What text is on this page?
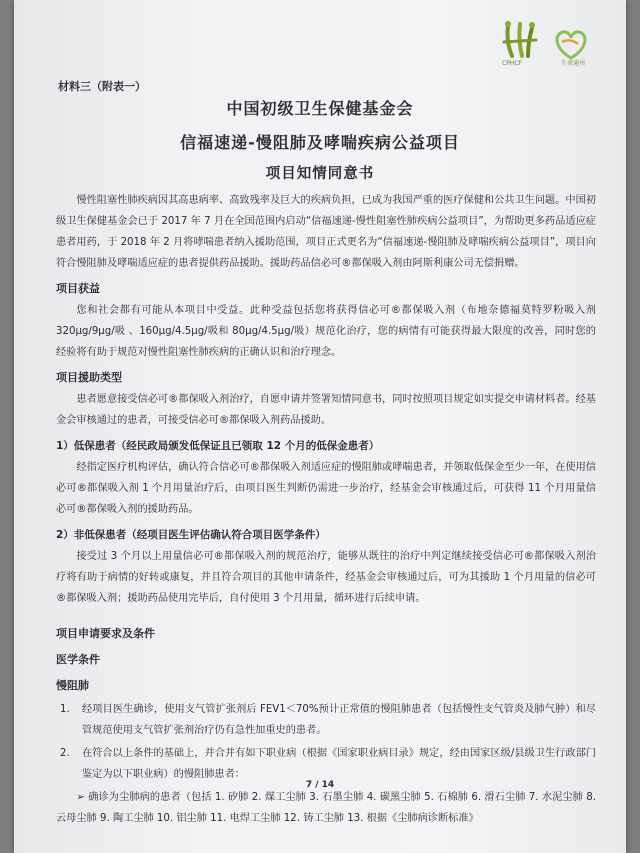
CPHCF	生命通州
材料三（附表一）
中国初级卫生保健基金会
信福速递-慢阻肺及哮喘疾病公益项目
项目知情同意书

慢性阻塞性肺疾病因其高患病率、高致残率及巨大的疾病负担，已成为我国严重的医疗保健和公共卫生问题。中国初级卫生保健基金会已于 2017 年 7 月在全国范围内启动“信福速递-慢性阻塞性肺疾病公益项目”，为帮助更多药品适应症患者用药，于 2018 年 2 月将哮喘患者纳入援助范围，项目正式更名为“信福速递-慢阻肺及哮喘疾病公益项目”，项目向符合慢阻肺及哮喘适应症的患者提供药品援助。援助药品信必可®都保吸入剂由阿斯利康公司无偿捐赠。

项目获益

您和社会都有可能从本项目中受益。此种受益包括您将获得信必可®都保吸入剂（布地奈德福莫特罗粉吸入剂 320μg/9μg/吸 、160μg/4.5μg/吸和 80μg/4.5μg/吸）规范化治疗，您的病情有可能获得最大限度的改善，同时您的经验将有助于规范对慢性阻塞性肺疾病的正确认识和治疗理念。

项目援助类型

患者愿意接受信必可®都保吸入剂治疗，自愿申请并签署知情同意书，同时按照项目规定如实提交申请材料者。经基金会审核通过的患者，可接受信必可®都保吸入剂药品援助。

1）低保患者（经民政局颁发低保证且已领取 12 个月的低保金患者）

经指定医疗机构评估，确认符合信必可®都保吸入剂适应症的慢阻肺或哮喘患者，并领取低保金至少一年，在使用信必可®都保吸入剂 1 个月用量治疗后，由项目医生判断仍需进一步治疗，经基金会审核通过后，可获得 11 个月用量信必可®都保吸入剂的援助药品。

2）非低保患者（经项目医生评估确认符合项目医学条件）

接受过 3 个月以上用量信必可®都保吸入剂的规范治疗，能够从既往的治疗中判定继续接受信必可®都保吸入剂治疗将有助于病情的好转或康复，并且符合项目的其他申请条件，经基金会审核通过后，可为其援助 1 个月用量的信必可®都保吸入剂；援助药品使用完毕后，自付使用 3 个月用量，循环进行后续申请。

项目申请要求及条件
医学条件
慢阻肺
1. 经项目医生确诊，使用支气管扩张剂后 FEV1＜70%预计正常值的慢阻肺患者（包括慢性支气管炎及肺气肿）和尽管规范使用支气管扩张剂治疗仍有急性加重史的患者。
2. 在符合以上条件的基础上，并合并有如下职业病（根据《国家职业病目录》规定，经由国家区级/县级卫生行政部门鉴定为以下职业病）的慢阻肺患者：

➢ 确诊为尘肺病的患者（包括 1. 矽肺 2. 煤工尘肺 3. 石墨尘肺 4. 碳黑尘肺 5. 石棉肺 6. 滑石尘肺 7. 水泥尘肺 8. 云母尘肺 9. 陶工尘肺 10. 铝尘肺 11. 电焊工尘肺 12. 铸工尘肺 13. 根据《尘肺病诊断标准》

7 / 14
